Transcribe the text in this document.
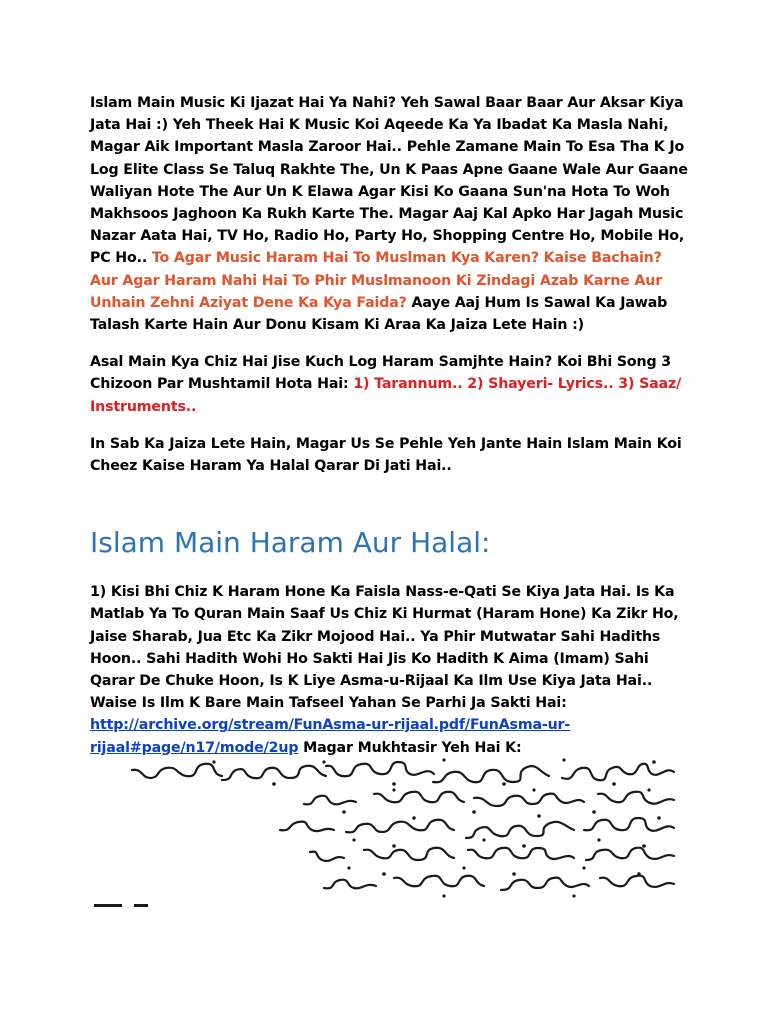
Islam Main Music Ki Ijazat Hai Ya Nahi? Yeh Sawal Baar Baar Aur Aksar Kiya Jata Hai :) Yeh Theek Hai K Music Koi Aqeede Ka Ya Ibadat Ka Masla Nahi, Magar Aik Important Masla Zaroor Hai.. Pehle Zamane Main To Esa Tha K Jo Log Elite Class Se Taluq Rakhte The, Un K Paas Apne Gaane Wale Aur Gaane Waliyan Hote The Aur Un K Elawa Agar Kisi Ko Gaana Sun'na Hota To Woh Makhsoos Jaghoon Ka Rukh Karte The. Magar Aaj Kal Apko Har Jagah Music Nazar Aata Hai, TV Ho, Radio Ho, Party Ho, Shopping Centre Ho, Mobile Ho, PC Ho.. To Agar Music Haram Hai To Muslman Kya Karen? Kaise Bachain? Aur Agar Haram Nahi Hai To Phir Muslmanoon Ki Zindagi Azab Karne Aur Unhain Zehni Aziyat Dene Ka Kya Faida? Aaye Aaj Hum Is Sawal Ka Jawab Talash Karte Hain Aur Donu Kisam Ki Araa Ka Jaiza Lete Hain :)

Asal Main Kya Chiz Hai Jise Kuch Log Haram Samjhte Hain? Koi Bhi Song 3 Chizoon Par Mushtamil Hota Hai: 1) Tarannum.. 2) Shayeri- Lyrics.. 3) Saaz/ Instruments..

In Sab Ka Jaiza Lete Hain, Magar Us Se Pehle Yeh Jante Hain Islam Main Koi Cheez Kaise Haram Ya Halal Qarar Di Jati Hai..

Islam Main Haram Aur Halal:

1) Kisi Bhi Chiz K Haram Hone Ka Faisla Nass-e-Qati Se Kiya Jata Hai. Is Ka Matlab Ya To Quran Main Saaf Us Chiz Ki Hurmat (Haram Hone) Ka Zikr Ho, Jaise Sharab, Jua Etc Ka Zikr Mojood Hai.. Ya Phir Mutwatar Sahi Hadiths Hoon.. Sahi Hadith Wohi Ho Sakti Hai Jis Ko Hadith K Aima (Imam) Sahi Qarar De Chuke Hoon, Is K Liye Asma-u-Rijaal Ka Ilm Use Kiya Jata Hai.. Waise Is Ilm K Bare Main Tafseel Yahan Se Parhi Ja Sakti Hai: http://archive.org/stream/FunAsma-ur-rijaal.pdf/FunAsma-ur-rijaal#page/n17/mode/2up Magar Mukhtasir Yeh Hai K:
